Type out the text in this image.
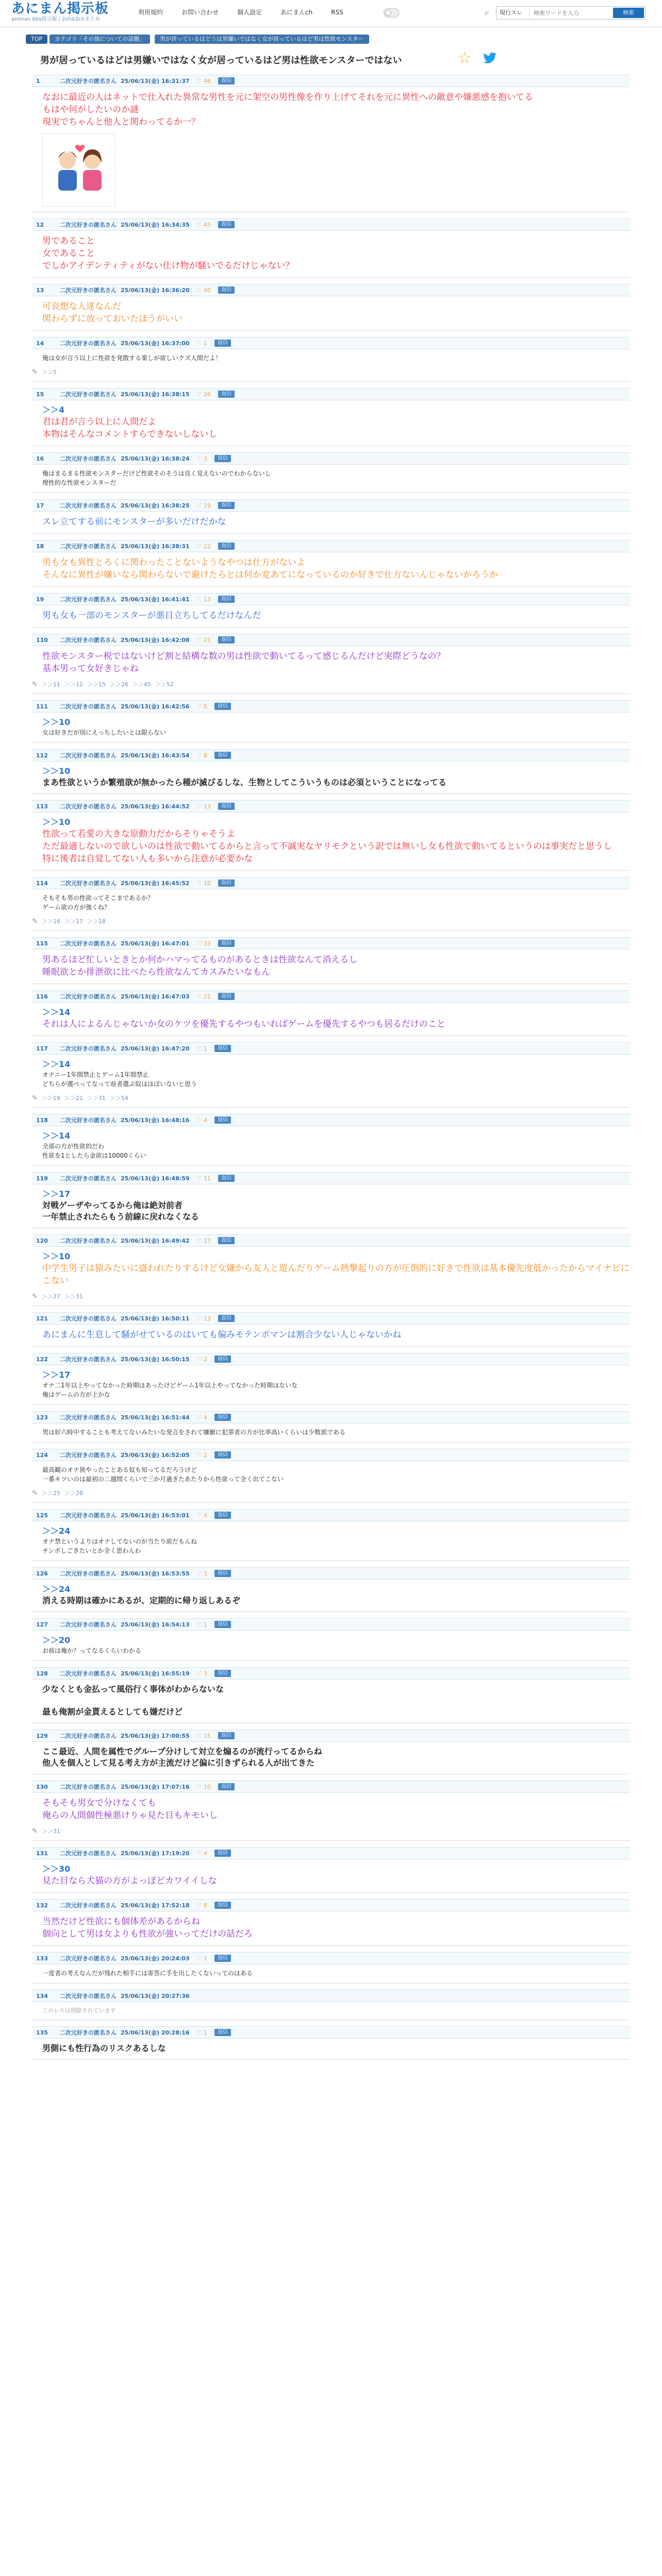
あにまん掲示板
animan bbs掲示板 / 2ch&5chまとめ
利用規約	お問い合わせ	個人設定	あにまんch	RSS	⌕	現行スレ
検索ワードを入力	検索
TOP	カテゴリ「その他についての話題」	男が居っているはどうは男嫌いではなく女が居っているはど男は性欲モンスター
男が居っているはどは男嫌いではなく女が居っているはど男は性欲モンスターではない	☆
1	二次元好きの匿名さん 25/06/13(金) 16:31:37 ♡ 46	返信
なおに最近の人はネットで仕入れた異常な男性を元に架空の男性像を作り上げてそれを元に異性への敵意や嫌悪感を抱いてる
もはや何がしたいのか謎
現実でちゃんと他人と関わってるか一？
12	二次元好きの匿名さん 25/06/13(金) 16:34:35 ♡ 45	返信
男であること
女であること
でしかアイデンティティがない仕け物が騒いでるだけじゃない？
13	二次元好きの匿名さん 25/06/13(金) 16:36:20 ♡ 40	返信
可哀想な人達なんだ
関わらずに放っておいたほうがいい
14	二次元好きの匿名さん 25/06/13(金) 16:37:00 ♡ 1	返信
俺は女が言う以上に性欲を発散する楽しが欲しいクズ人間だよ！
✎ ＞＞5
15	二次元好きの匿名さん 25/06/13(金) 16:38:15 ♡ 26	返信
＞＞4
君は君が言う以上に人間だよ
本物はそんなコメントすらできないしないし
16	二次元好きの匿名さん 25/06/13(金) 16:38:24 ♡ 3	返信
俺はまるまる性欲モンスターだけど性欲そのそうは良く見えないのでわからないし
理性的な性欲モンスターだ
17	二次元好きの匿名さん 25/06/13(金) 16:38:25 ♡ 19	返信
スレ立てする前にモンスターが多いだけだかな
18	二次元好きの匿名さん 25/06/13(金) 16:38:31 ♡ 22	返信
男も女も異性とろくに関わったことないようなやつは仕方がないよ
そんなに異性が嫌いなら関わらないで避けたらとは何か変あてになっているのか好きで仕方ないんじゃないかろうか
19	二次元好きの匿名さん 25/06/13(金) 16:41:41 ♡ 13	返信
男も女も一部のモンスターが悪目立ちしてるだけなんだ
110	二次元好きの匿名さん 25/06/13(金) 16:42:08 ♡ 21	返信
性欲モンスター税ではないけど割と結構な数の男は性欲で動いてるって感じるんだけど実際どうなの？
基本男って女好きじゃね
✎ ＞＞11 ＞＞12 ＞＞15 ＞＞26 ＞＞45 ＞＞52
111	二次元好きの匿名さん 25/06/13(金) 16:42:56 ♡ 5	返信
＞＞10
女は好きだが別にえっちしたいとは限らない
112	二次元好きの匿名さん 25/06/13(金) 16:43:54 ♡ 8	返信
＞＞10
まあ性欲というか繁殖欲が無かったら種が滅びるしな、生物としてこういうものは必須ということになってる
113	二次元好きの匿名さん 25/06/13(金) 16:44:52 ♡ 13	返信
＞＞10
性欲って若愛の大きな原動力だからそりゃそうよ
ただ最適しないので欲しいのは性欲で動いてるからと言って不誠実なヤリモクという訳では無いし女も性欲で動いてるというのは事実だと思うし
特に後者は自覚してない人も多いから注意が必要かな
114	二次元好きの匿名さん 25/06/13(金) 16:45:52 ♡ 10	返信
そもそも男の性欲ってそこまであるか？
ゲーム欲の方が強くね？
✎ ＞＞16 ＞＞17 ＞＞18
115	二次元好きの匿名さん 25/06/13(金) 16:47:01 ♡ 33	返信
男あるほど忙しいときとか何かハマってるものがあるときは性欲なんて消えるし
睡眠欲とか排泄欲に比べたら性欲なんてカスみたいなもん
116	二次元好きの匿名さん 25/06/13(金) 16:47:03 ♡ 21	返信
＞＞14
それは人によるんじゃないか女のケツを優先するやつもいればゲームを優先するやつも居るだけのこと
117	二次元好きの匿名さん 25/06/13(金) 16:47:20 ♡ 1	返信
＞＞14
オナニー1年間禁止とゲーム1年間禁止
どちらが選べってなって前者選ぶ奴はほぼいないと思う
✎ ＞＞19 ＞＞21 ＞＞31 ＞＞54
118	二次元好きの匿名さん 25/06/13(金) 16:48:16 ♡ 4	返信
＞＞14
全部の方が性欲的だわ
性欲を1とし​たら金欲は10000くらい
119	二次元好きの匿名さん 25/06/13(金) 16:48:59 ♡ 11	返信
＞＞17
対戦ゲーザやってるから俺は絶対前者
一年禁止されたらもう前線に戻れなくなる
120	二次元好きの匿名さん 25/06/13(金) 16:49:42 ♡ 17	返信
＞＞10
中学生男子は猿みたいに盛われたりするけど女嫌から友人と遊んだりゲーム熱撃起りの方が圧倒的に好きで性欲は基本優先度低かったからマイナビにこない
✎ ＞＞27 ＞＞31
121	二次元好きの匿名さん 25/06/13(金) 16:50:11 ♡ 13	返信
あにまんに生息して騒がせているのはいても偏みモテンポマンは割合少ない人じゃないかね
122	二次元好きの匿名さん 25/06/13(金) 16:50:15 ♡ 2	返信
＞＞17
オナ二1年以上やってなかった時期はあったけどゲーム1年以上やってなかった時期はないな
俺はゲームの方が上かな
123	二次元好きの匿名さん 25/06/13(金) 16:51:44 ♡ 4	返信
男は好六時中することも考えてないみたいな発言をされて嫌厭に犯罪者の方が比率高いくらいは少数派である
124	二次元好きの匿名さん 25/06/13(金) 16:52:05 ♡ 2	返信
最高観のオナ狭やったことある奴も知ってるだろうけど
一番キツいのは最初の二週間くらいで三か月過ぎたあたりから性欲って全く出てこない
✎ ＞＞25 ＞＞28
125	二次元好きの匿名さん 25/06/13(金) 16:53:01 ♡ 4	返信
＞＞24
オナ禁というよりはオナしてないのが当たり前だもんね
チンポしごきたいとか全く思わんわ
126	二次元好きの匿名さん 25/06/13(金) 16:53:55 ♡ 3	返信
＞＞24
消える時期は確かにあるが、定期的に帰り返しあるぞ
127	二次元好きの匿名さん 25/06/13(金) 16:54:13 ♡ 1	返信
＞＞20
お前は俺か？ってなるくらいわかる
128	二次元好きの匿名さん 25/06/13(金) 16:55:19 ♡ 3	返信
少なくとも金払って風俗行く事体がわからないな

最も俺割が金貰えるとしても嫌だけど
129	二次元好きの匿名さん 25/06/13(金) 17:00:55 ♡ 15	返信
ここ最近、人間を属性でグループ分けして対立を煽るのが流行ってるからね
他人を個人として見る考え方が主流だけど偏に引きずられる人が出てきた
130	二次元好きの匿名さん 25/06/13(金) 17:07:16 ♡ 10	返信
そもそも男女で分けなくても
俺らの人間個性極悪けりゃ見た目もキモいし
✎ ＞＞31
131	二次元好きの匿名さん 25/06/13(金) 17:19:20 ♡ 4	返信
＞＞30
見た目なら犬猫の方がよっぽどカワイイしな
132	二次元好きの匿名さん 25/06/13(金) 17:52:18 ♡ 8	返信
当然だけど性欲にも個体差があるからね
個向として男は女よりも性欲が強いってだけの話だろ
133	二次元好きの匿名さん 25/06/13(金) 20:24:03 ♡ 1	返信
一度者の考えなんだが残れた相手には寄答に手を出したくないってのはある
134	二次元好きの匿名さん 25/06/13(金) 20:27:36
このレスは削除されています
135	二次元好きの匿名さん 25/06/13(金) 20:28:16 ♡ 1	返信
男側にも性行為のリスクあるしな
